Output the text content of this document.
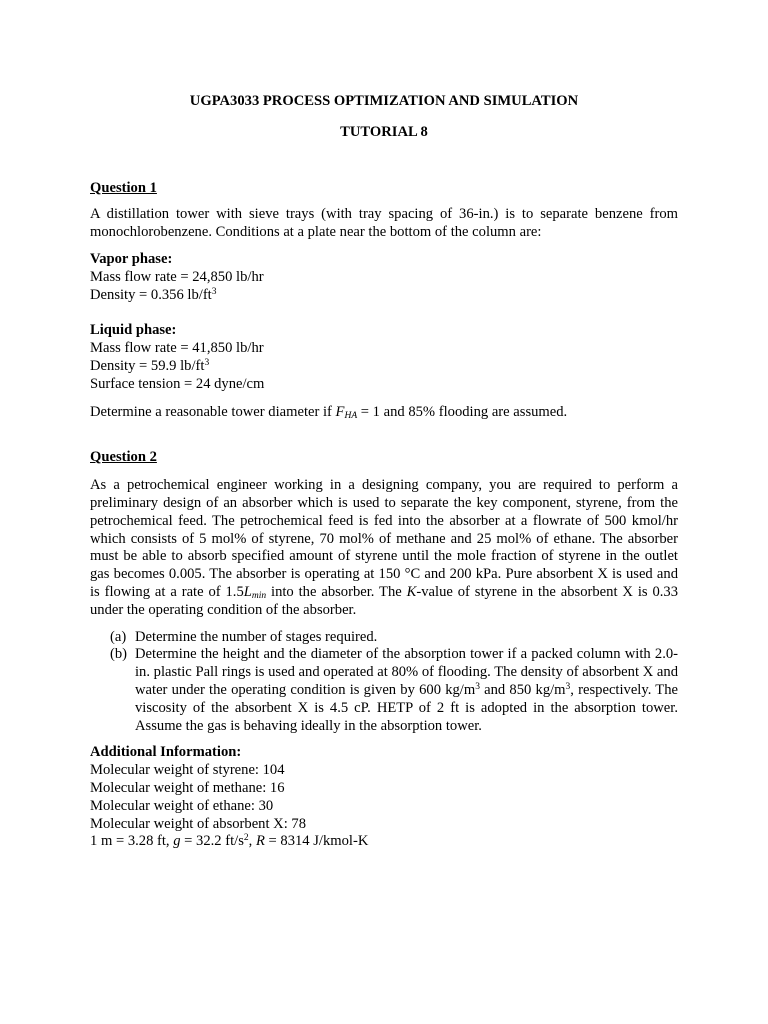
UGPA3033 PROCESS OPTIMIZATION AND SIMULATION

TUTORIAL 8

Question 1

A distillation tower with sieve trays (with tray spacing of 36-in.) is to separate benzene from monochlorobenzene. Conditions at a plate near the bottom of the column are:

Vapor phase:
Mass flow rate = 24,850 lb/hr
Density = 0.356 $lb/ft^3$
Liquid phase:
Mass flow rate = 41,850 lb/hr
Density = 59.9 $lb/ft^3$
Surface tension = 24 dyne/cm

Determine a reasonable tower diameter if $F_{HA} = 1$ and 85% flooding are assumed.

Question 2

As a petrochemical engineer working in a designing company, you are required to perform a preliminary design of an absorber which is used to separate the key component, styrene, from the petrochemical feed. The petrochemical feed is fed into the absorber at a flowrate of 500 kmol/hr which consists of 5 mol% of styrene, 70 mol% of methane and 25 mol% of ethane. The absorber must be able to absorb specified amount of styrene until the mole fraction of styrene in the outlet gas becomes 0.005. The absorber is operating at 150 °C and 200 kPa. Pure absorbent X is used and is flowing at a rate of $1.5L_{min}$ into the absorber. The K-value of styrene in the absorbent X is 0.33 under the operating condition of the absorber.

(a) Determine the number of stages required.
(b) Determine the height and the diameter of the absorption tower if a packed column with 2.0-in. plastic Pall rings is used and operated at 80% of flooding. The density of absorbent X and water under the operating condition is given by 600 $kg/m^3$ and 850 $kg/m^3$, respectively. The viscosity of the absorbent X is 4.5 cP. HETP of 2 ft is adopted in the absorption tower. Assume the gas is behaving ideally in the absorption tower.
Additional Information:
Molecular weight of styrene: 104
Molecular weight of methane: 16
Molecular weight of ethane: 30
Molecular weight of absorbent X: 78
1 m = 3.28 ft, g = 32.2 $ft/s^2$, R = 8314 J/kmol-K
